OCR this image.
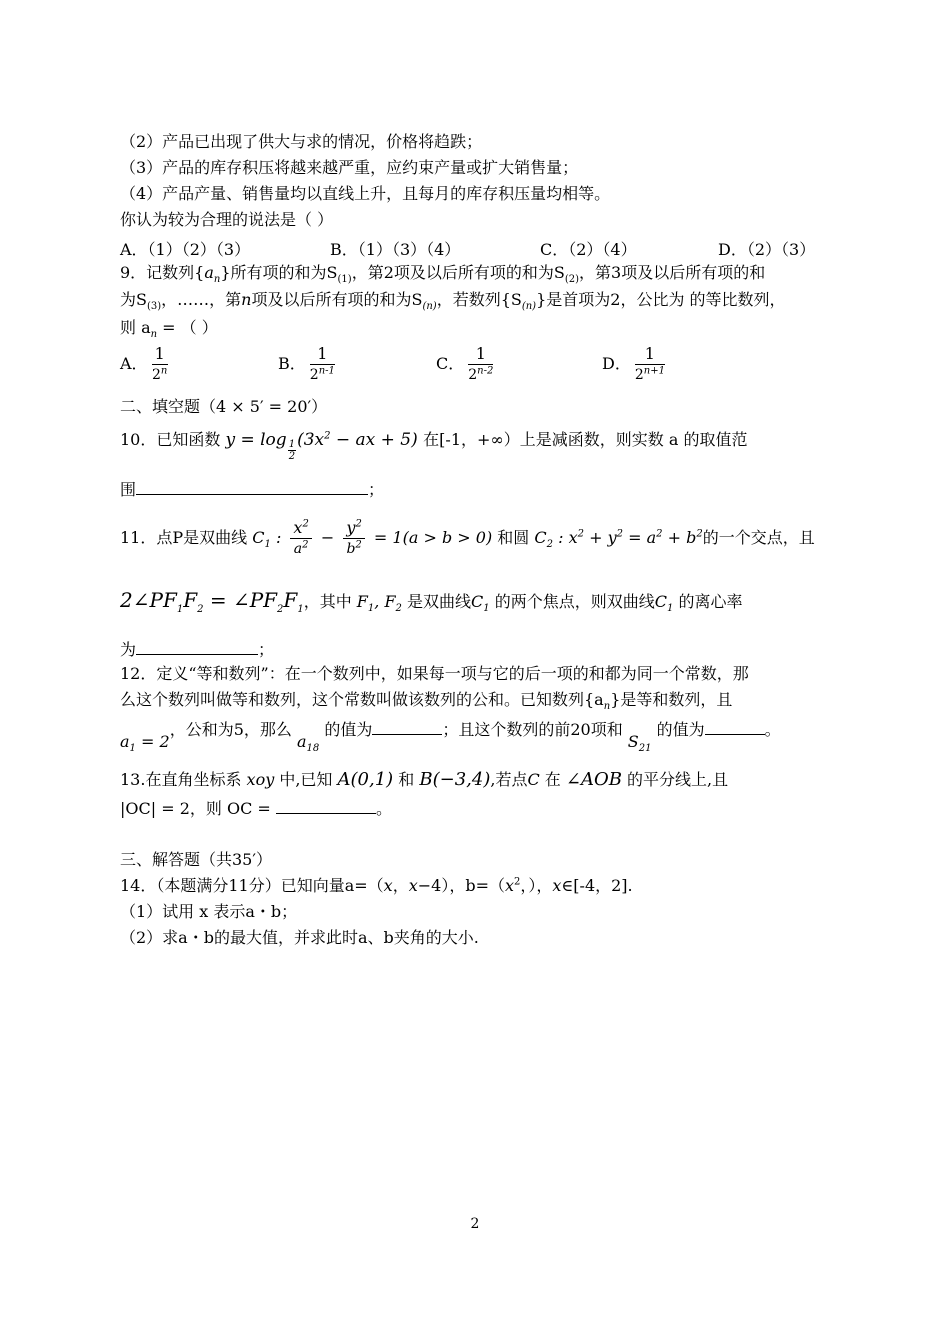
（2）产品已出现了供大与求的情况，价格将趋跌；
（3）产品的库存积压将越来越严重，应约束产量或扩大销售量；
（4）产品产量、销售量均以直线上升，且每月的库存积压量均相等。
你认为较为合理的说法是（ ）
A．（1）（2）（3）	B．（1）（3）（4）	C．（2）（4）	D．（2）（3）
9．记数列$\{a_n\}$所有项的和为$S_{(1)}$，第2项及以后所有项的和为$S_{(2)}$，第3项及以后所有项的和
为$S_{(3)}$，……，第n项及以后所有项的和为$S_{(n)}$，若数列$\{S_{(n)}\}$是首项为2，公比为 的等比数列，
则 $a_n$ = （ ）
A． $\frac{1}{2^n}$	B． $\frac{1}{2^{n-1}}$	C． $\frac{1}{2^{n-2}}$	D． $\frac{1}{2^{n+1}}$
二、填空题（4 × 5′ = 20′）
10．已知函数 $y = \log \frac{1}{2} (3x^2$ − ax + 5) 在[-1，+∞）上是减函数，则实数 a 的取值范
围	；
11．点P是双曲线 $C_1$ : $\frac{x^2}{a^2} - \frac{y^2}{b^2} = 1(a > b > 0)$ 和圆 $C_2$ : $x^2 + y^2 = a^2 + b^2$的一个交点，且
$2\angle PF_1F_2$ = $\angle PF_2F_1$，其中 $F_1$, $F_2$ 是双曲线$C_1$ 的两个焦点，则双曲线$C_1$ 的离心率
为	；
12．定义“等和数列”：在一个数列中，如果每一项与它的后一项的和都为同一个常数，那
么这个数列叫做等和数列，这个常数叫做该数列的公和。已知数列$\{a_n\}$是等和数列，且
$a_1 = 2$，公和为5，那么 $a_{18}$ 的值为	；且这个数列的前20项和 $S_{21}$ 的值为	。
13.在直角坐标系 xoy 中,已知 A(0,1) 和 B(−3,4),若点C 在 ∠AOB 的平分线上,且
|OC| = 2，则 OC =	。
三、解答题（共35′）
14．（本题满分11分）已知向量a=（x，x−4），$b=(x^2$，），x∈[-4，2].
（1）试用 x 表示a・b；
（2）求a・b的最大值，并求此时a、b夹角的大小.
2
